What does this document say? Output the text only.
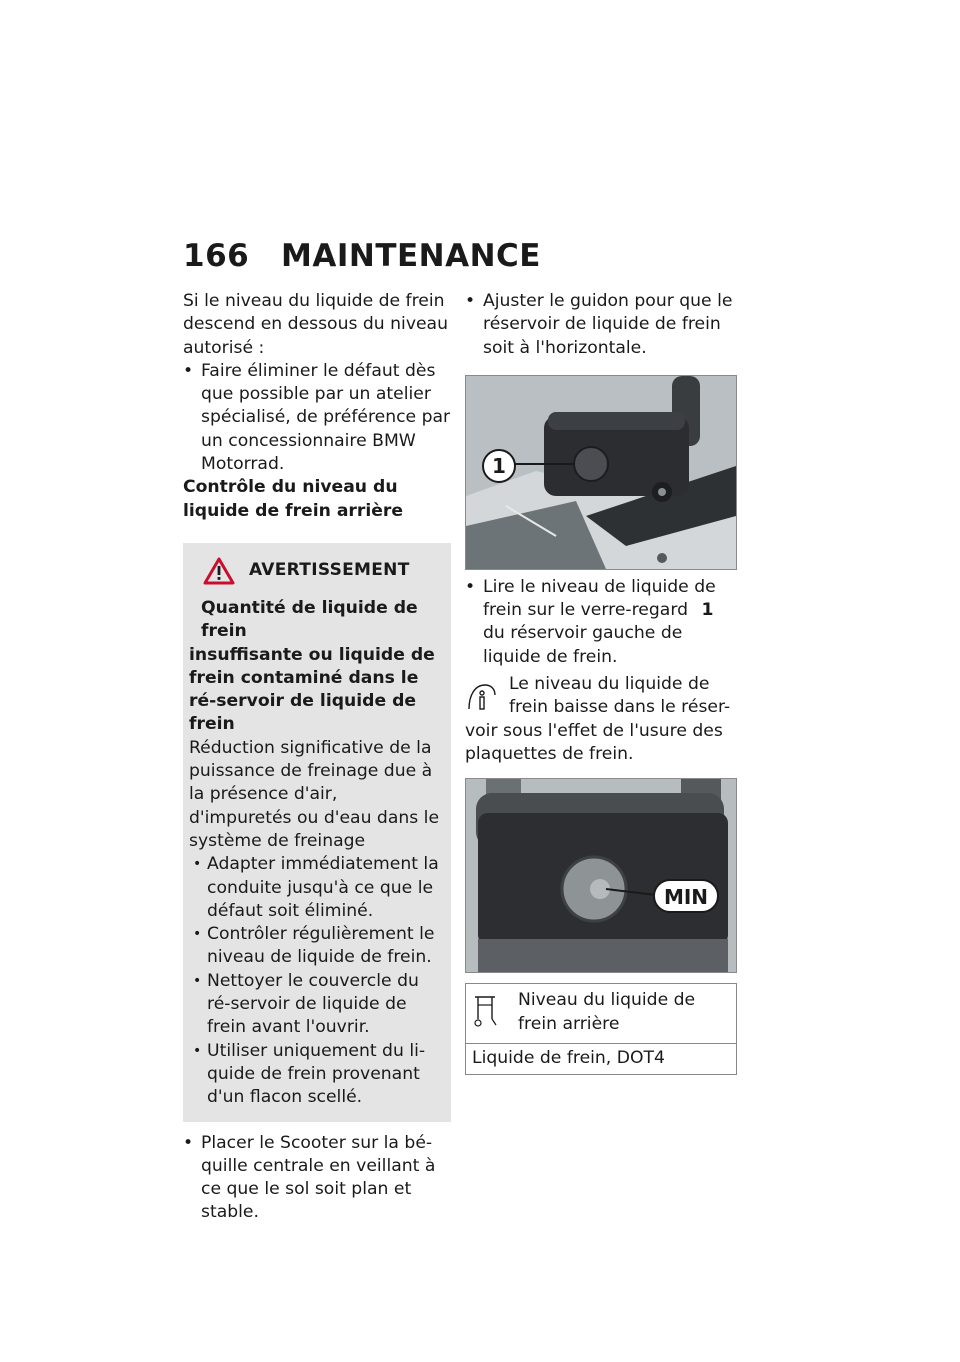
166 MAINTENANCE

Si le niveau du liquide de frein descend en dessous du niveau autorisé :

• Faire éliminer le défaut dès que possible par un atelier spécialisé, de préférence par un concessionnaire BMW Motorrad.

Contrôle du niveau du liquide de frein arrière

AVERTISSEMENT
Quantité de liquide de frein
insuffisante ou liquide de frein contaminé dans le ré-servoir de liquide de frein

Réduction significative de la puissance de freinage due à la présence d'air, d'impuretés ou d'eau dans le système de freinage

• Adapter immédiatement la conduite jusqu'à ce que le défaut soit éliminé.

• Contrôler régulièrement le niveau de liquide de frein.

• Nettoyer le couvercle du ré-servoir de liquide de frein avant l'ouvrir.

• Utiliser uniquement du li-quide de frein provenant d'un flacon scellé.

• Placer le Scooter sur la bé-quille centrale en veillant à ce que le sol soit plan et stable.

• Ajuster le guidon pour que le réservoir de liquide de frein soit à l'horizontale.

1

• Lire le niveau de liquide de frein sur le verre-regard 1 du réservoir gauche de liquide de frein.

Le niveau du liquide de
frein baisse dans le réser-
voir sous l'effet de l'usure des plaquettes de frein.
MIN
Niveau du liquide de frein arrière
Liquide de frein, DOT4
